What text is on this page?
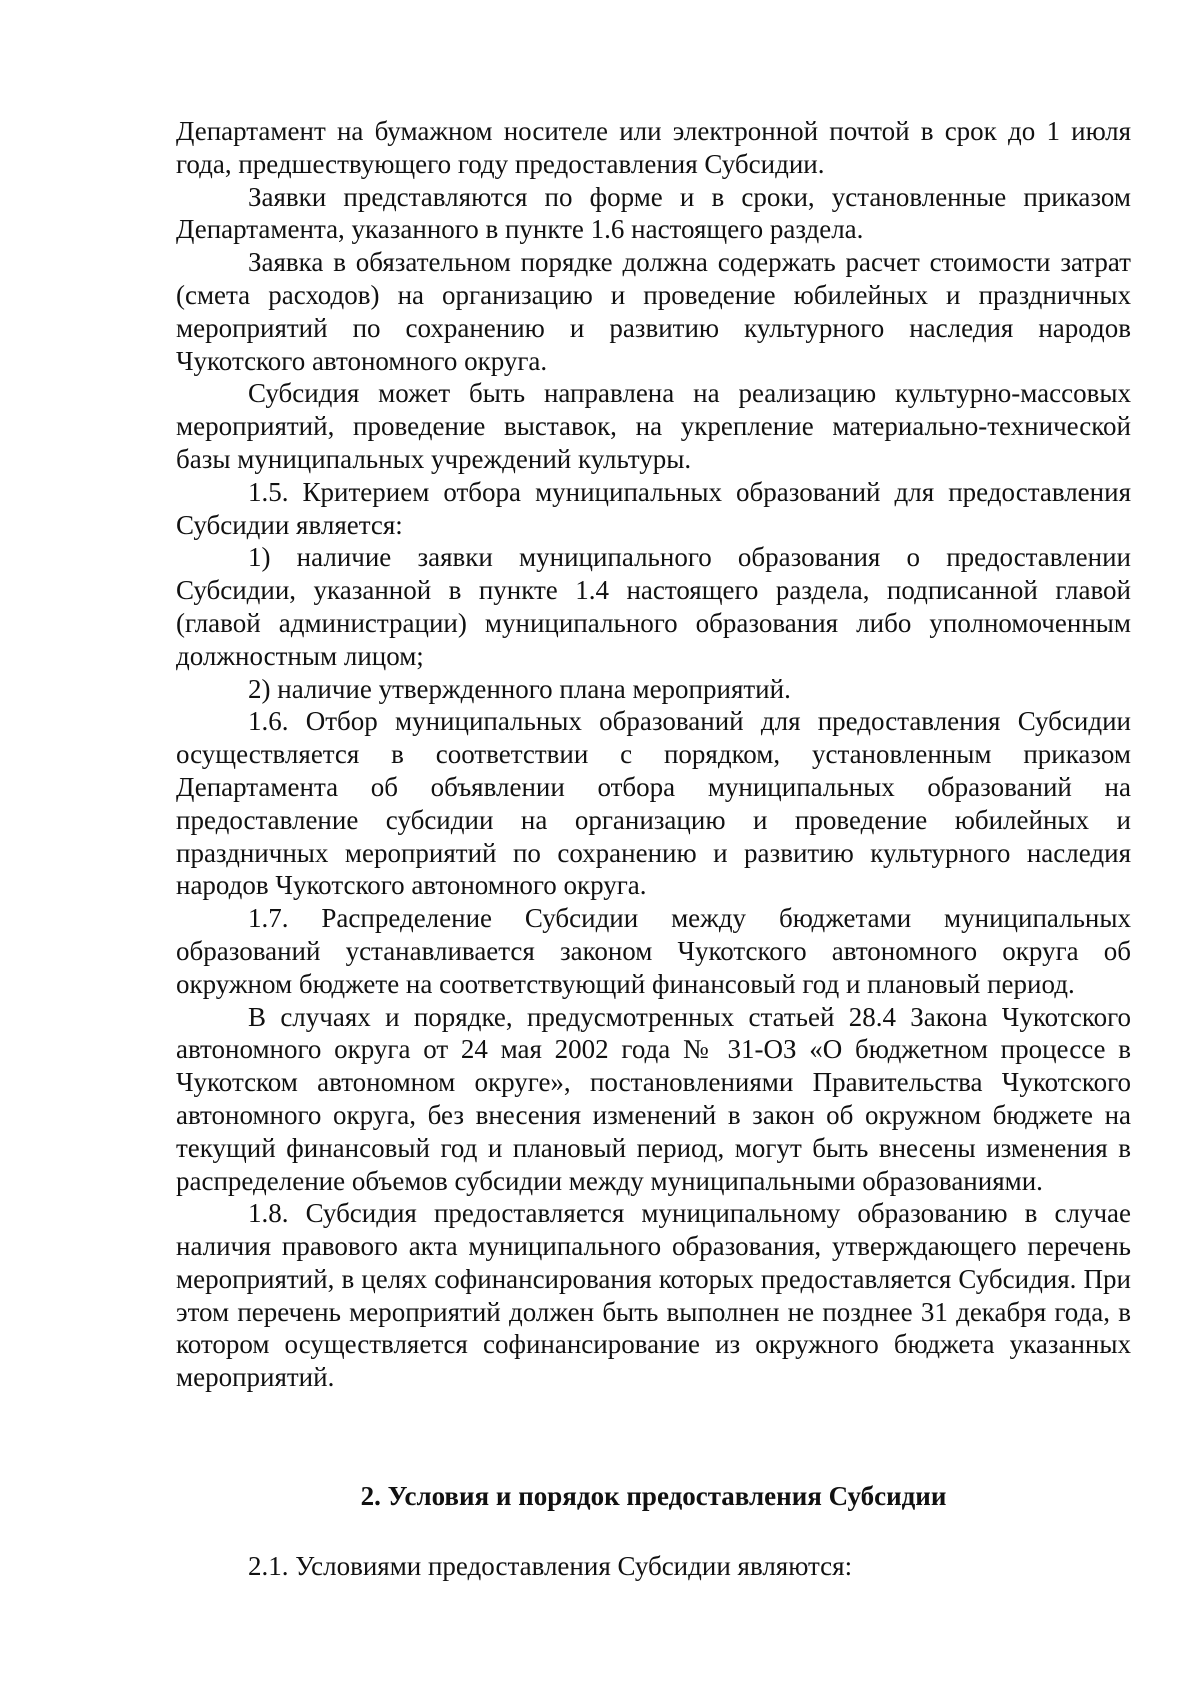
Департамент на бумажном носителе или электронной почтой в срок до 1 июля года, предшествующего году предоставления Субсидии.

Заявки представляются по форме и в сроки, установленные приказом Департамента, указанного в пункте 1.6 настоящего раздела.

Заявка в обязательном порядке должна содержать расчет стоимости затрат (смета расходов) на организацию и проведение юбилейных и праздничных мероприятий по сохранению и развитию культурного наследия народов Чукотского автономного округа.

Субсидия может быть направлена на реализацию культурно-массовых мероприятий, проведение выставок, на укрепление материально-технической базы муниципальных учреждений культуры.

1.5. Критерием отбора муниципальных образований для предоставления Субсидии является:

1) наличие заявки муниципального образования о предоставлении Субсидии, указанной в пункте 1.4 настоящего раздела, подписанной главой (главой администрации) муниципального образования либо уполномоченным должностным лицом;

2) наличие утвержденного плана мероприятий.

1.6. Отбор муниципальных образований для предоставления Субсидии осуществляется в соответствии с порядком, установленным приказом Департамента об объявлении отбора муниципальных образований на предоставление субсидии на организацию и проведение юбилейных и праздничных мероприятий по сохранению и развитию культурного наследия народов Чукотского автономного округа.

1.7. Распределение Субсидии между бюджетами муниципальных образований устанавливается законом Чукотского автономного округа об окружном бюджете на соответствующий финансовый год и плановый период.

В случаях и порядке, предусмотренных статьей 28.4 Закона Чукотского автономного округа от 24 мая 2002 года № 31-ОЗ «О бюджетном процессе в Чукотском автономном округе», постановлениями Правительства Чукотского автономного округа, без внесения изменений в закон об окружном бюджете на текущий финансовый год и плановый период, могут быть внесены изменения в распределение объемов субсидии между муниципальными образованиями.

1.8. Субсидия предоставляется муниципальному образованию в случае наличия правового акта муниципального образования, утверждающего перечень мероприятий, в целях софинансирования которых предоставляется Субсидия. При этом перечень мероприятий должен быть выполнен не позднее 31 декабря года, в котором осуществляется софинансирование из окружного бюджета указанных мероприятий.

2. Условия и порядок предоставления Субсидии

2.1. Условиями предоставления Субсидии являются:
